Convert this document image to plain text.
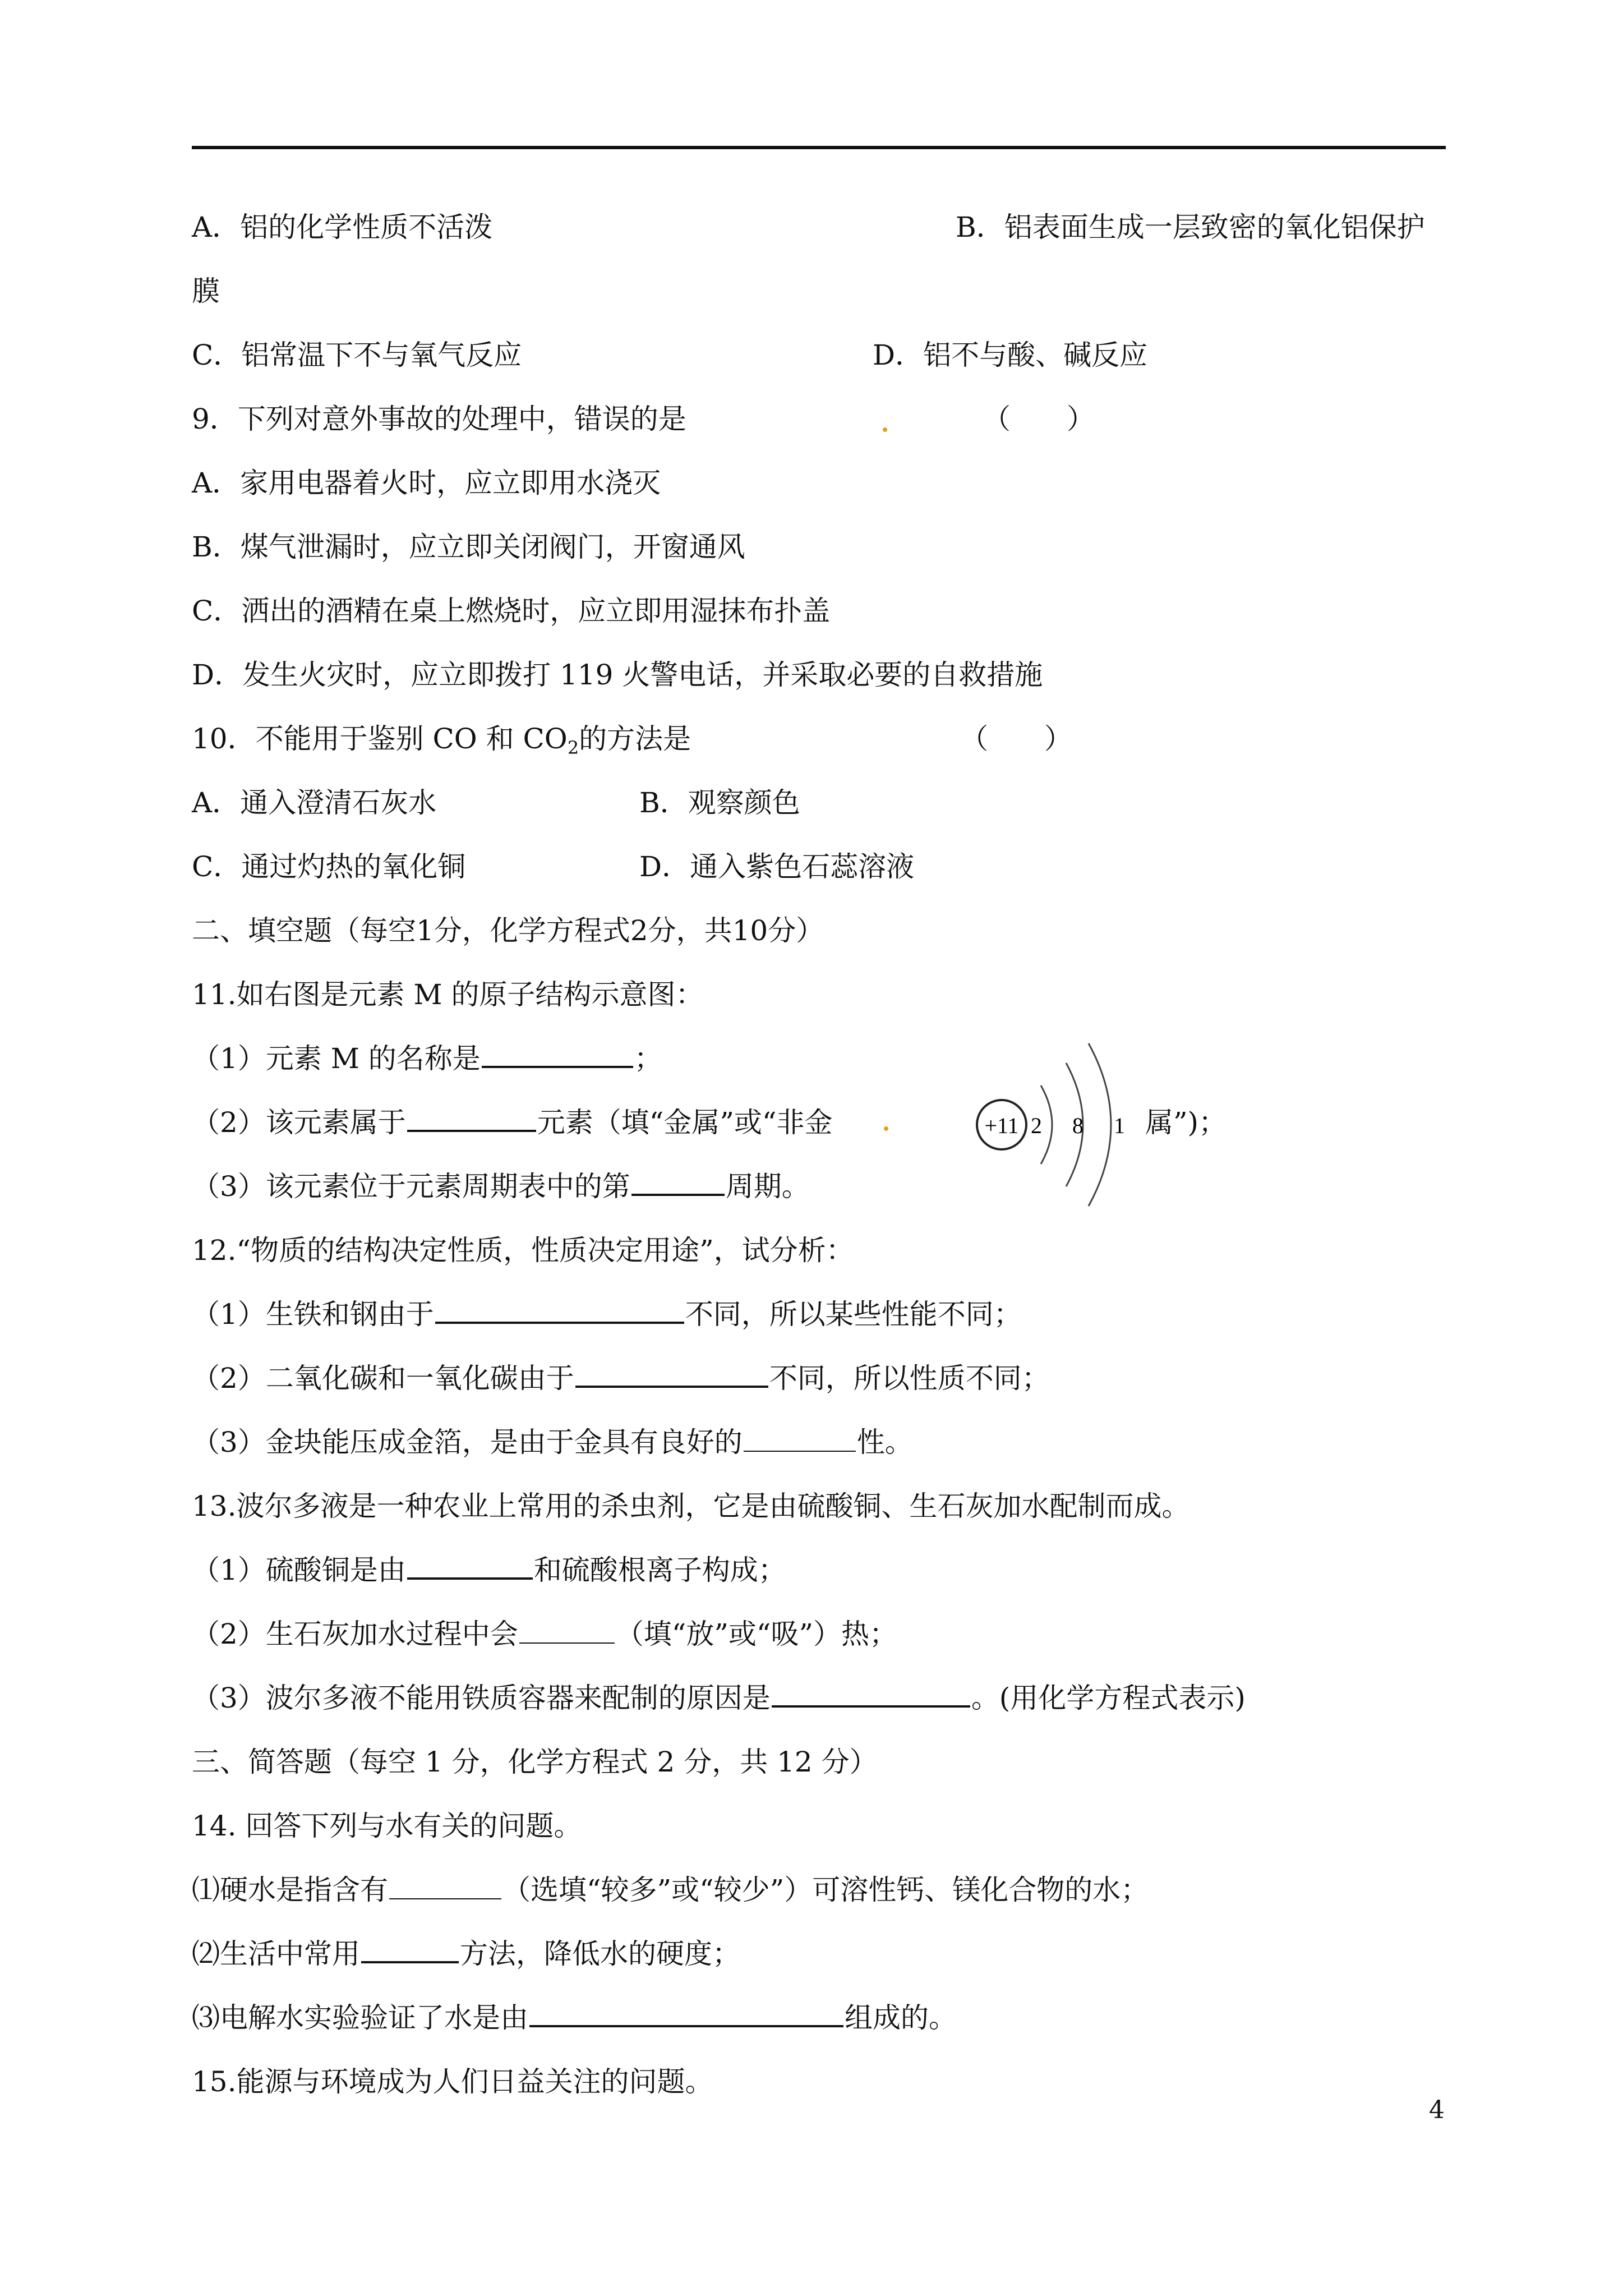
A．铝的化学性质不活泼	B．铝表面生成一层致密的氧化铝保护
膜
C．铝常温下不与氧气反应	D．铝不与酸、碱反应
9．下列对意外事故的处理中，错误的是	（　　）
A．家用电器着火时，应立即用水浇灭
B．煤气泄漏时，应立即关闭阀门，开窗通风
C．洒出的酒精在桌上燃烧时，应立即用湿抹布扑盖
D．发生火灾时，应立即拨打 119 火警电话，并采取必要的自救措施
10．不能用于鉴别 CO 和 $CO_2$的方法是	（　　）
A．通入澄清石灰水	B．观察颜色
C．通过灼热的氧化铜	D．通入紫色石蕊溶液
二、填空题（每空1分，化学方程式2分，共10分）
11.如右图是元素 M 的原子结构示意图：
（1）元素 M 的名称是	；
（2）该元素属于	元素（填“金属”或“非金	属”)；
（3）该元素位于元素周期表中的第	周期。
+11 2 8 1
12.“物质的结构决定性质，性质决定用途”，试分析：
（1）生铁和钢由于	不同，所以某些性能不同；
（2）二氧化碳和一氧化碳由于	不同，所以性质不同；
（3）金块能压成金箔，是由于金具有良好的	性。
13.波尔多液是一种农业上常用的杀虫剂，它是由硫酸铜、生石灰加水配制而成。
（1）硫酸铜是由	和硫酸根离子构成；
（2）生石灰加水过程中会	（填“放”或“吸”）热；
（3）波尔多液不能用铁质容器来配制的原因是	。(用化学方程式表示)
三、简答题（每空 1 分，化学方程式 2 分，共 12 分）
14. 回答下列与水有关的问题。
⑴硬水是指含有	（选填“较多”或“较少”）可溶性钙、镁化合物的水；
⑵生活中常用	方法，降低水的硬度；
⑶电解水实验验证了水是由	组成的。
15.能源与环境成为人们日益关注的问题。
4
